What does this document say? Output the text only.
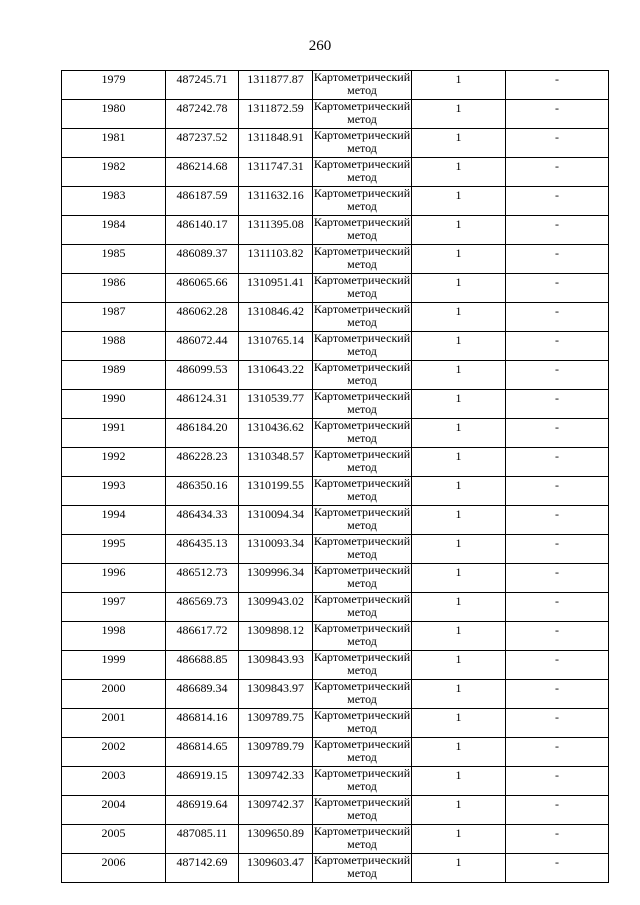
260
1979	487245.71	1311877.87	Картометрический метод	1	-
1980	487242.78	1311872.59	Картометрический метод	1	-
1981	487237.52	1311848.91	Картометрический метод	1	-
1982	486214.68	1311747.31	Картометрический метод	1	-
1983	486187.59	1311632.16	Картометрический метод	1	-
1984	486140.17	1311395.08	Картометрический метод	1	-
1985	486089.37	1311103.82	Картометрический метод	1	-
1986	486065.66	1310951.41	Картометрический метод	1	-
1987	486062.28	1310846.42	Картометрический метод	1	-
1988	486072.44	1310765.14	Картометрический метод	1	-
1989	486099.53	1310643.22	Картометрический метод	1	-
1990	486124.31	1310539.77	Картометрический метод	1	-
1991	486184.20	1310436.62	Картометрический метод	1	-
1992	486228.23	1310348.57	Картометрический метод	1	-
1993	486350.16	1310199.55	Картометрический метод	1	-
1994	486434.33	1310094.34	Картометрический метод	1	-
1995	486435.13	1310093.34	Картометрический метод	1	-
1996	486512.73	1309996.34	Картометрический метод	1	-
1997	486569.73	1309943.02	Картометрический метод	1	-
1998	486617.72	1309898.12	Картометрический метод	1	-
1999	486688.85	1309843.93	Картометрический метод	1	-
2000	486689.34	1309843.97	Картометрический метод	1	-
2001	486814.16	1309789.75	Картометрический метод	1	-
2002	486814.65	1309789.79	Картометрический метод	1	-
2003	486919.15	1309742.33	Картометрический метод	1	-
2004	486919.64	1309742.37	Картометрический метод	1	-
2005	487085.11	1309650.89	Картометрический метод	1	-
2006	487142.69	1309603.47	Картометрический метод	1	-
